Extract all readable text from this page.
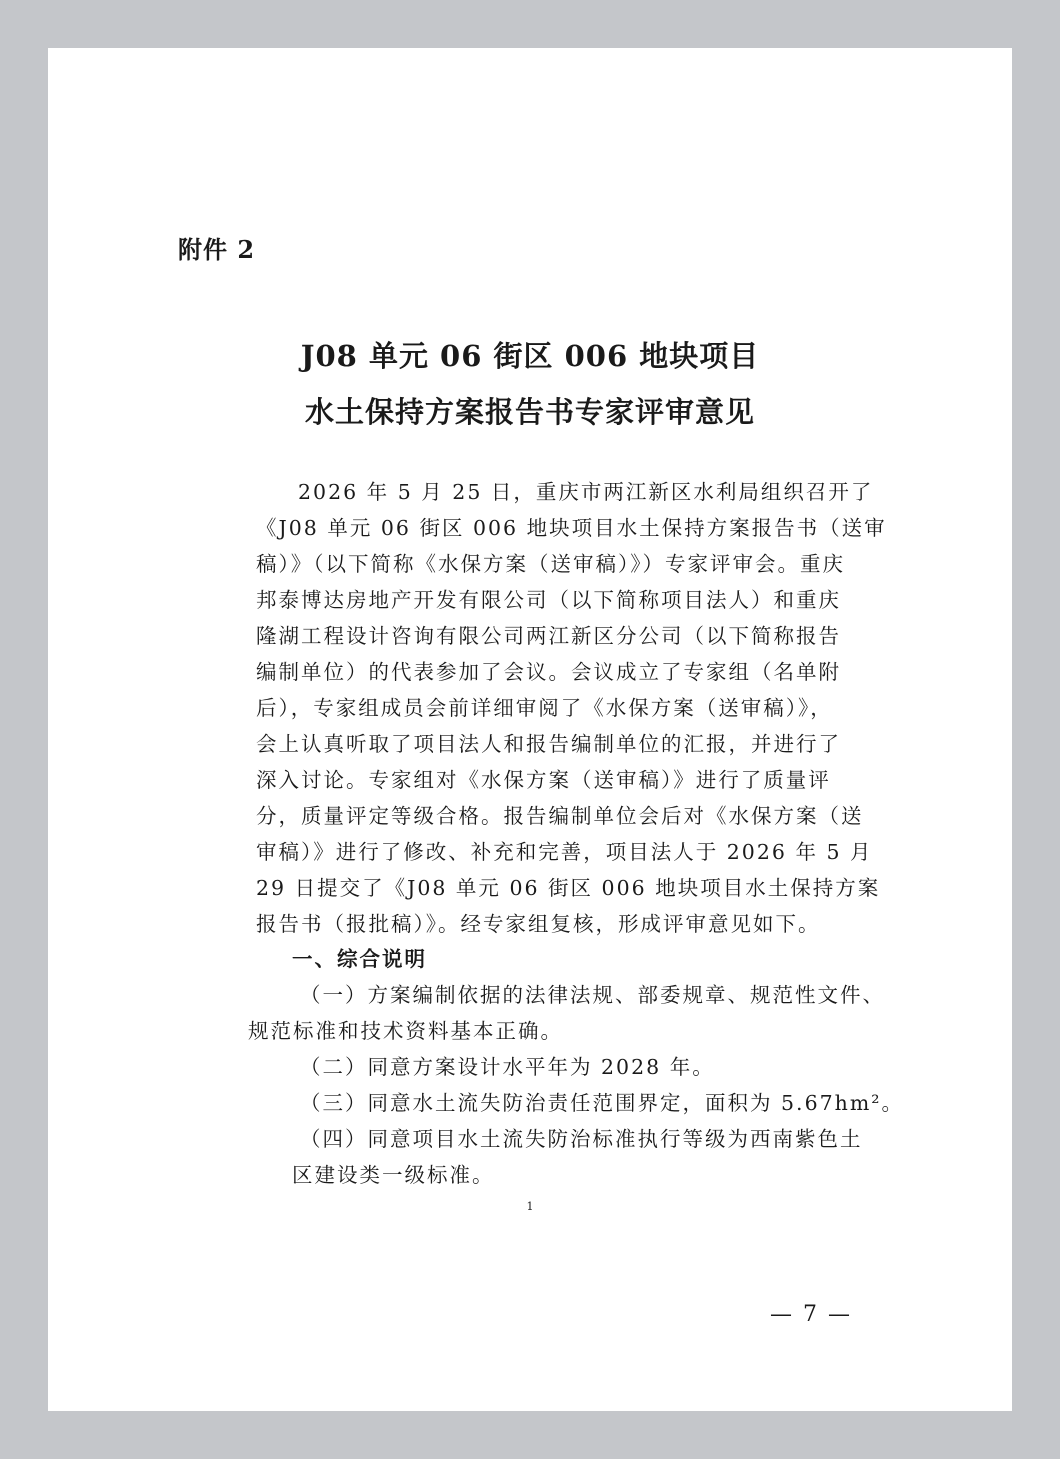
附件 2
J08 单元 06 街区 006 地块项目
水土保持方案报告书专家评审意见
2026 年 5 月 25 日，重庆市两江新区水利局组织召开了
《J08 单元 06 街区 006 地块项目水土保持方案报告书（送审
稿）》（以下简称《水保方案（送审稿）》）专家评审会。重庆
邦泰博达房地产开发有限公司（以下简称项目法人）和重庆
隆湖工程设计咨询有限公司两江新区分公司（以下简称报告
编制单位）的代表参加了会议。会议成立了专家组（名单附
后），专家组成员会前详细审阅了《水保方案（送审稿）》，
会上认真听取了项目法人和报告编制单位的汇报，并进行了
深入讨论。专家组对《水保方案（送审稿）》进行了质量评
分，质量评定等级合格。报告编制单位会后对《水保方案（送
审稿）》进行了修改、补充和完善，项目法人于 2026 年 5 月
29 日提交了《J08 单元 06 街区 006 地块项目水土保持方案
报告书（报批稿）》。经专家组复核，形成评审意见如下。
一、综合说明
（一）方案编制依据的法律法规、部委规章、规范性文件、
规范标准和技术资料基本正确。
（二）同意方案设计水平年为 2028 年。
（三）同意水土流失防治责任范围界定，面积为 5.67hm²。
（四）同意项目水土流失防治标准执行等级为西南紫色土
区建设类一级标准。
1
— 7 —
